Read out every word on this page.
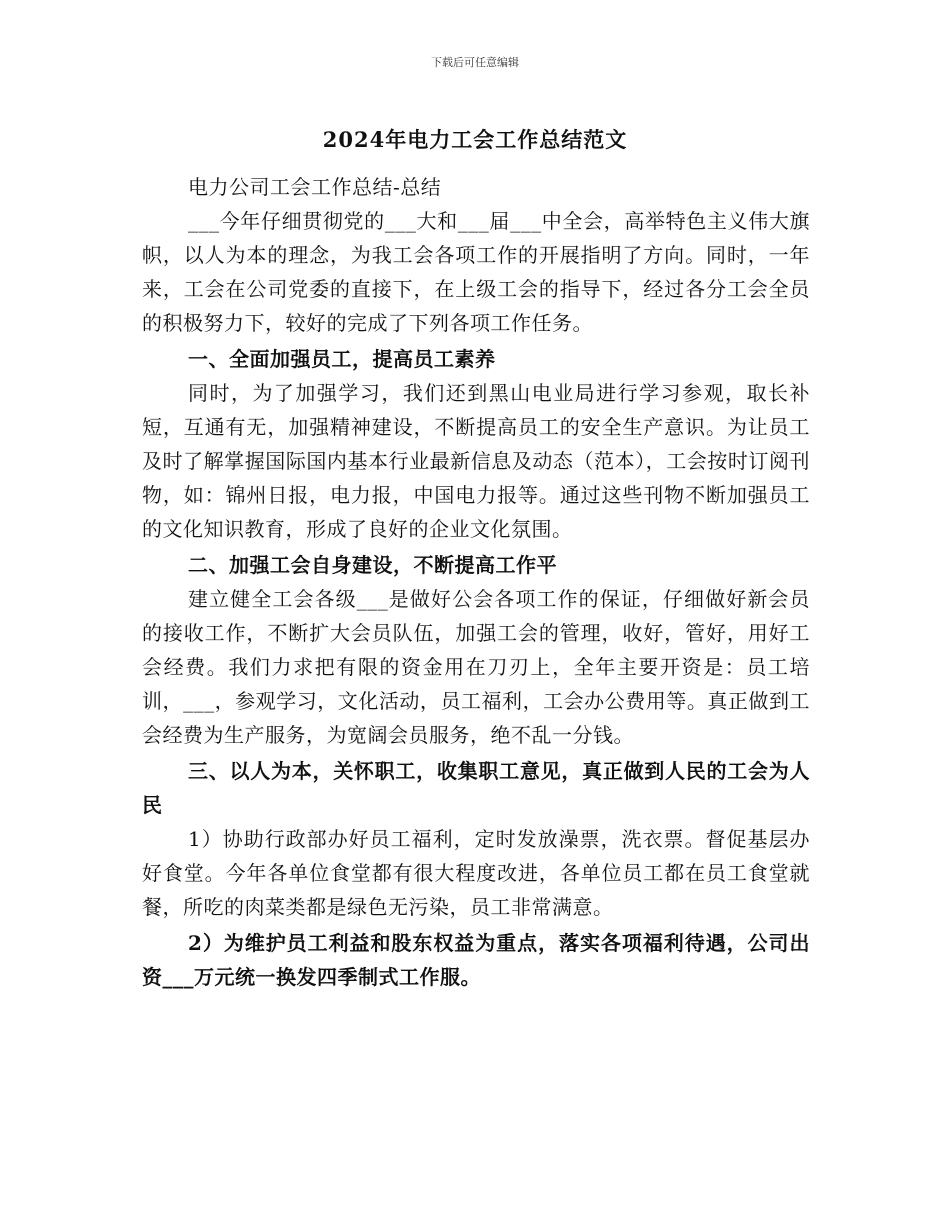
下载后可任意编辑
2024年电力工会工作总结范文

电力公司工会工作总结-总结

___今年仔细贯彻党的___大和___届___中全会，高举特色主义伟大旗帜，以人为本的理念，为我工会各项工作的开展指明了方向。同时，一年来，工会在公司党委的直接下，在上级工会的指导下，经过各分工会全员的积极努力下，较好的完成了下列各项工作任务。

一、全面加强员工，提高员工素养

同时，为了加强学习，我们还到黑山电业局进行学习参观，取长补短，互通有无，加强精神建设，不断提高员工的安全生产意识。为让员工及时了解掌握国际国内基本行业最新信息及动态（范本），工会按时订阅刊物，如：锦州日报，电力报，中国电力报等。通过这些刊物不断加强员工的文化知识教育，形成了良好的企业文化氛围。

二、加强工会自身建设，不断提高工作平

建立健全工会各级___是做好公会各项工作的保证，仔细做好新会员的接收工作，不断扩大会员队伍，加强工会的管理，收好，管好，用好工会经费。我们力求把有限的资金用在刀刃上，全年主要开资是：员工培训，___，参观学习，文化活动，员工福利，工会办公费用等。真正做到工会经费为生产服务，为宽阔会员服务，绝不乱一分钱。

三、以人为本，关怀职工，收集职工意见，真正做到人民的工会为人民

1）协助行政部办好员工福利，定时发放澡票，洗衣票。督促基层办好食堂。今年各单位食堂都有很大程度改进，各单位员工都在员工食堂就餐，所吃的肉菜类都是绿色无污染，员工非常满意。

2）为维护员工利益和股东权益为重点，落实各项福利待遇，公司出资___万元统一换发四季制式工作服。
